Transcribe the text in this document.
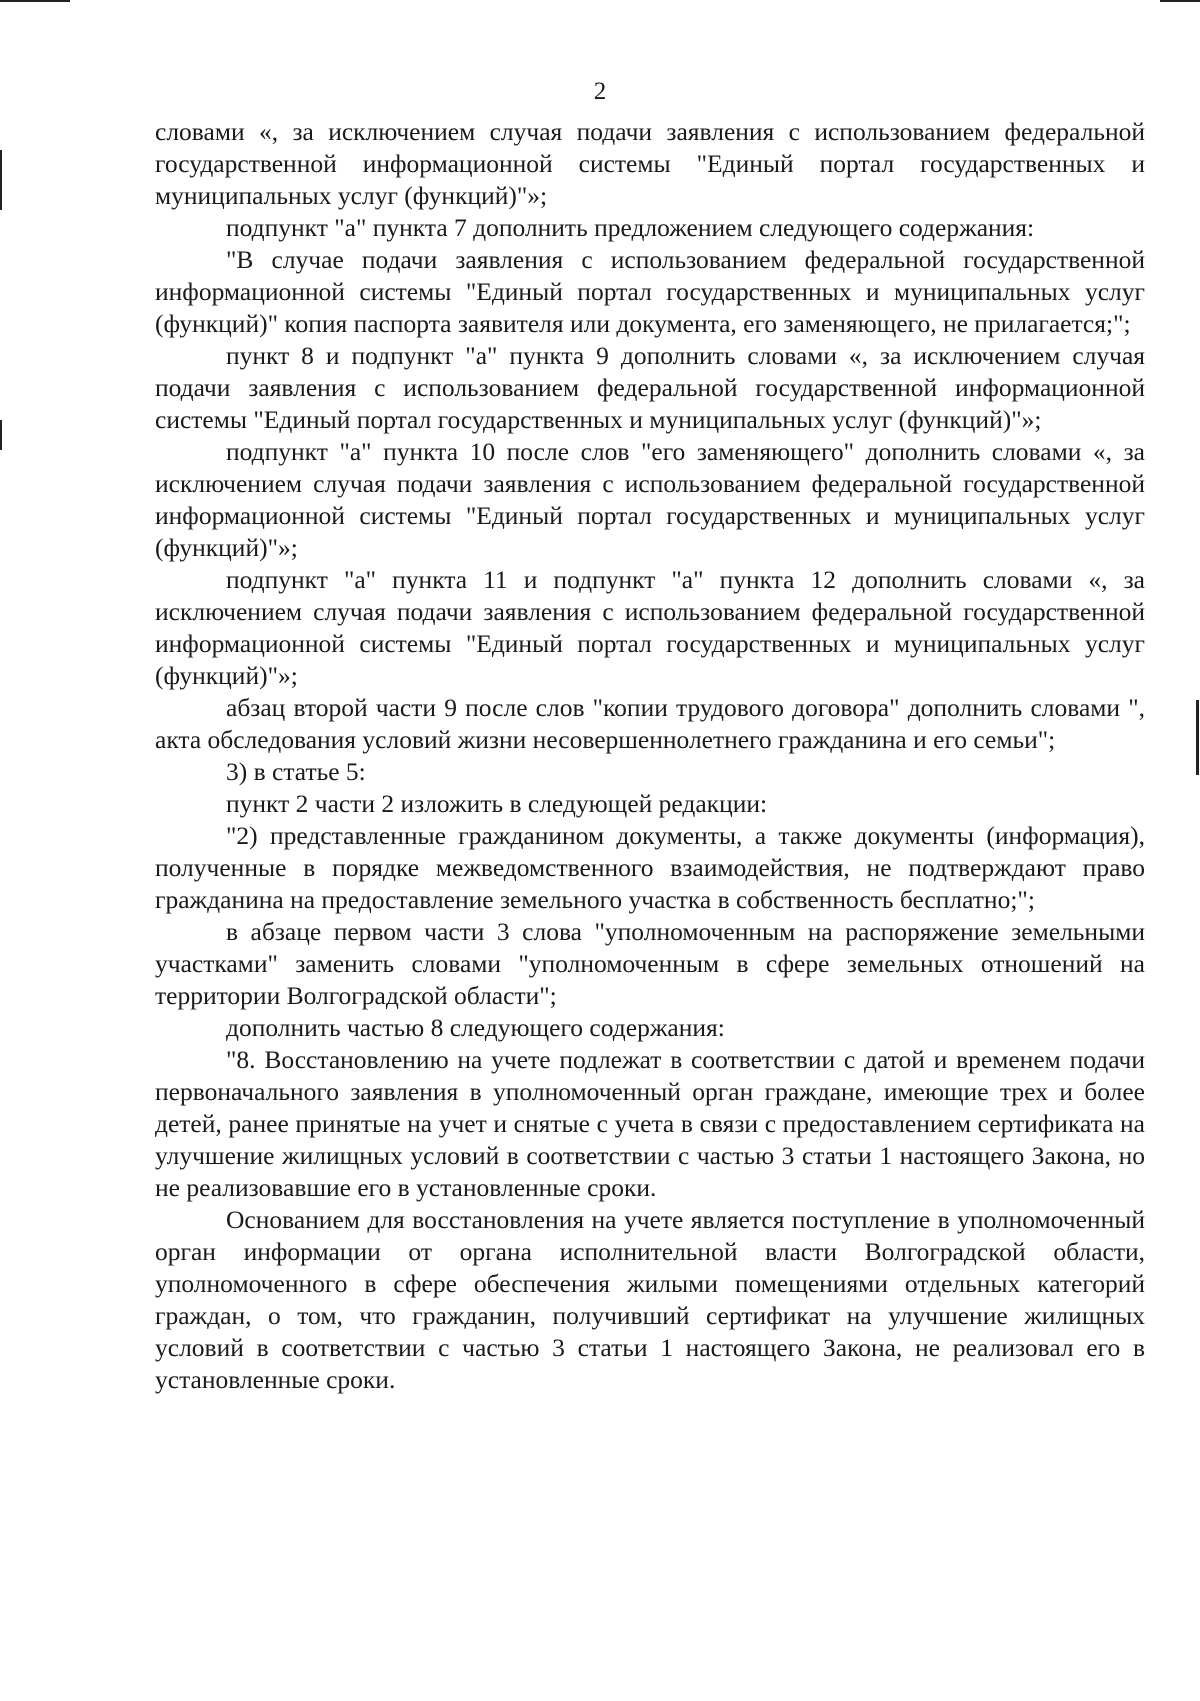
2

словами «, за исключением случая подачи заявления с использованием федеральной государственной информационной системы "Единый портал государственных и муниципальных услуг (функций)"»;

подпункт "а" пункта 7 дополнить предложением следующего содержания:

"В случае подачи заявления с использованием федеральной государственной информационной системы "Единый портал государственных и муниципальных услуг (функций)" копия паспорта заявителя или документа, его заменяющего, не прилагается;";

пункт 8 и подпункт "а" пункта 9 дополнить словами «, за исключением случая подачи заявления с использованием федеральной государственной информационной системы "Единый портал государственных и муниципальных услуг (функций)"»;

подпункт "а" пункта 10 после слов "его заменяющего" дополнить словами «, за исключением случая подачи заявления с использованием федеральной государственной информационной системы "Единый портал государственных и муниципальных услуг (функций)"»;

подпункт "а" пункта 11 и подпункт "а" пункта 12 дополнить словами «, за исключением случая подачи заявления с использованием федеральной государственной информационной системы "Единый портал государственных и муниципальных услуг (функций)"»;

абзац второй части 9 после слов "копии трудового договора" дополнить словами ", акта обследования условий жизни несовершеннолетнего гражданина и его семьи";

3) в статье 5:

пункт 2 части 2 изложить в следующей редакции:

"2) представленные гражданином документы, а также документы (информация), полученные в порядке межведомственного взаимодействия, не подтверждают право гражданина на предоставление земельного участка в собственность бесплатно;";

в абзаце первом части 3 слова "уполномоченным на распоряжение земельными участками" заменить словами "уполномоченным в сфере земельных отношений на территории Волгоградской области";

дополнить частью 8 следующего содержания:

"8. Восстановлению на учете подлежат в соответствии с датой и временем подачи первоначального заявления в уполномоченный орган граждане, имеющие трех и более детей, ранее принятые на учет и снятые с учета в связи с предоставлением сертификата на улучшение жилищных условий в соответствии с частью 3 статьи 1 настоящего Закона, но не реализовавшие его в установленные сроки.

Основанием для восстановления на учете является поступление в уполномоченный орган информации от органа исполнительной власти Волгоградской области, уполномоченного в сфере обеспечения жилыми помещениями отдельных категорий граждан, о том, что гражданин, получивший сертификат на улучшение жилищных условий в соответствии с частью 3 статьи 1 настоящего Закона, не реализовал его в установленные сроки.
